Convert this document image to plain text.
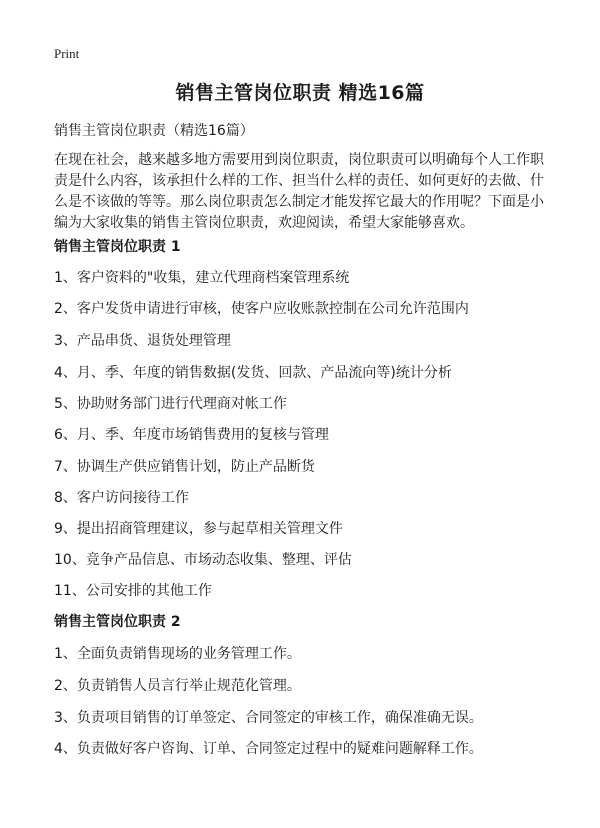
Print
销售主管岗位职责 精选16篇
销售主管岗位职责（精选16篇）
在现在社会，越来越多地方需要用到岗位职责，岗位职责可以明确每个人工作职责是什么内容，该承担什么样的工作、担当什么样的责任、如何更好的去做、什么是不该做的等等。那么岗位职责怎么制定才能发挥它最大的作用呢？下面是小编为大家收集的销售主管岗位职责，欢迎阅读，希望大家能够喜欢。
销售主管岗位职责 1
1、客户资料的"收集，建立代理商档案管理系统
2、客户发货申请进行审核，使客户应收账款控制在公司允许范围内
3、产品串货、退货处理管理
4、月、季、年度的销售数据(发货、回款、产品流向等)统计分析
5、协助财务部门进行代理商对帐工作
6、月、季、年度市场销售费用的复核与管理
7、协调生产供应销售计划，防止产品断货
8、客户访问接待工作
9、提出招商管理建议，参与起草相关管理文件
10、竞争产品信息、市场动态收集、整理、评估
11、公司安排的其他工作
销售主管岗位职责 2
1、全面负责销售现场的业务管理工作。
2、负责销售人员言行举止规范化管理。
3、负责项目销售的订单签定、合同签定的审核工作，确保准确无误。
4、负责做好客户咨询、订单、合同签定过程中的疑难问题解释工作。
